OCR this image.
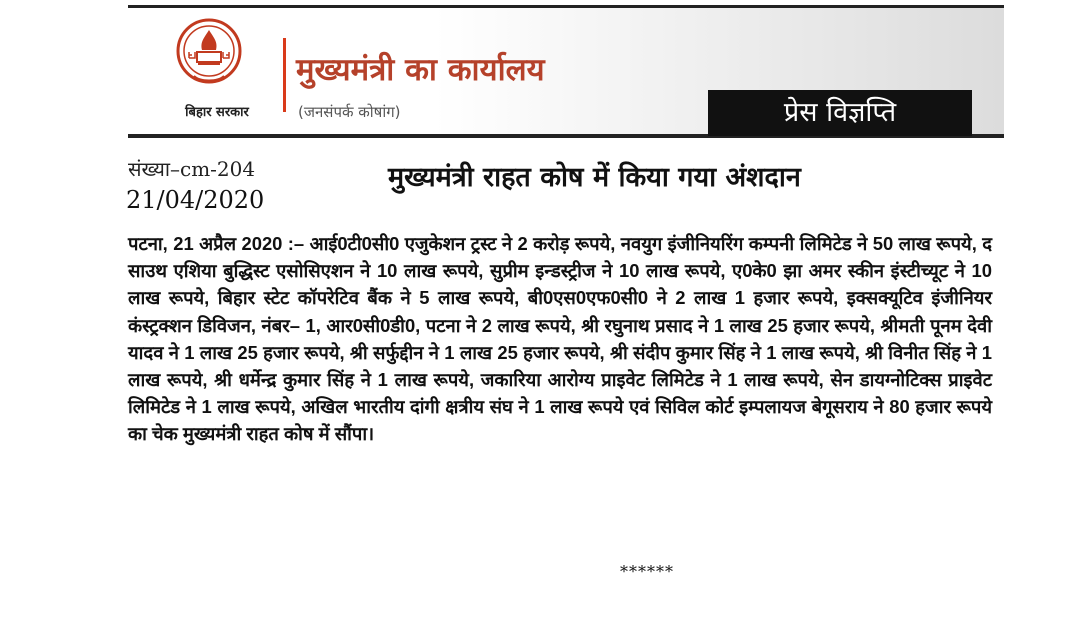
बिहार सरकार
मुख्यमंत्री का कार्यालय
(जनसंपर्क कोषांग)	प्रेस विज्ञप्ति
संख्या–cm-204
21/04/2020
मुख्यमंत्री राहत कोष में किया गया अंशदान
पटना, 21 अप्रैल 2020 :– आई0टी0सी0 एजुकेशन ट्रस्ट ने 2 करोड़ रूपये, नवयुग इंजीनियरिंग कम्पनी लिमिटेड ने 50 लाख रूपये, द साउथ एशिया बुद्धिस्ट एसोसिएशन ने 10 लाख रूपये, सुप्रीम इन्डस्ट्रीज ने 10 लाख रूपये, ए0के0 झा अमर स्कीन इंस्टीच्यूट ने 10 लाख रूपये, बिहार स्टेट कॉपरेटिव बैंक ने 5 लाख रूपये, बी0एस0एफ0सी0 ने 2 लाख 1 हजार रूपये, इक्सक्यूटिव इंजीनियर कंस्ट्रक्शन डिविजन, नंबर– 1, आर0सी0डी0, पटना ने 2 लाख रूपये, श्री रघुनाथ प्रसाद ने 1 लाख 25 हजार रूपये, श्रीमती पूनम देवी यादव ने 1 लाख 25 हजार रूपये, श्री सर्फुद्दीन ने 1 लाख 25 हजार रूपये, श्री संदीप कुमार सिंह ने 1 लाख रूपये, श्री विनीत सिंह ने 1 लाख रूपये, श्री धर्मेन्द्र कुमार सिंह ने 1 लाख रूपये, जकारिया आरोग्य प्राइवेट लिमिटेड ने 1 लाख रूपये, सेन डायग्नोटिक्स प्राइवेट लिमिटेड ने 1 लाख रूपये, अखिल भारतीय दांगी क्षत्रीय संघ ने 1 लाख रूपये एवं सिविल कोर्ट इम्पलायज बेगूसराय ने 80 हजार रूपये का चेक मुख्यमंत्री राहत कोष में सौंपा।
******
